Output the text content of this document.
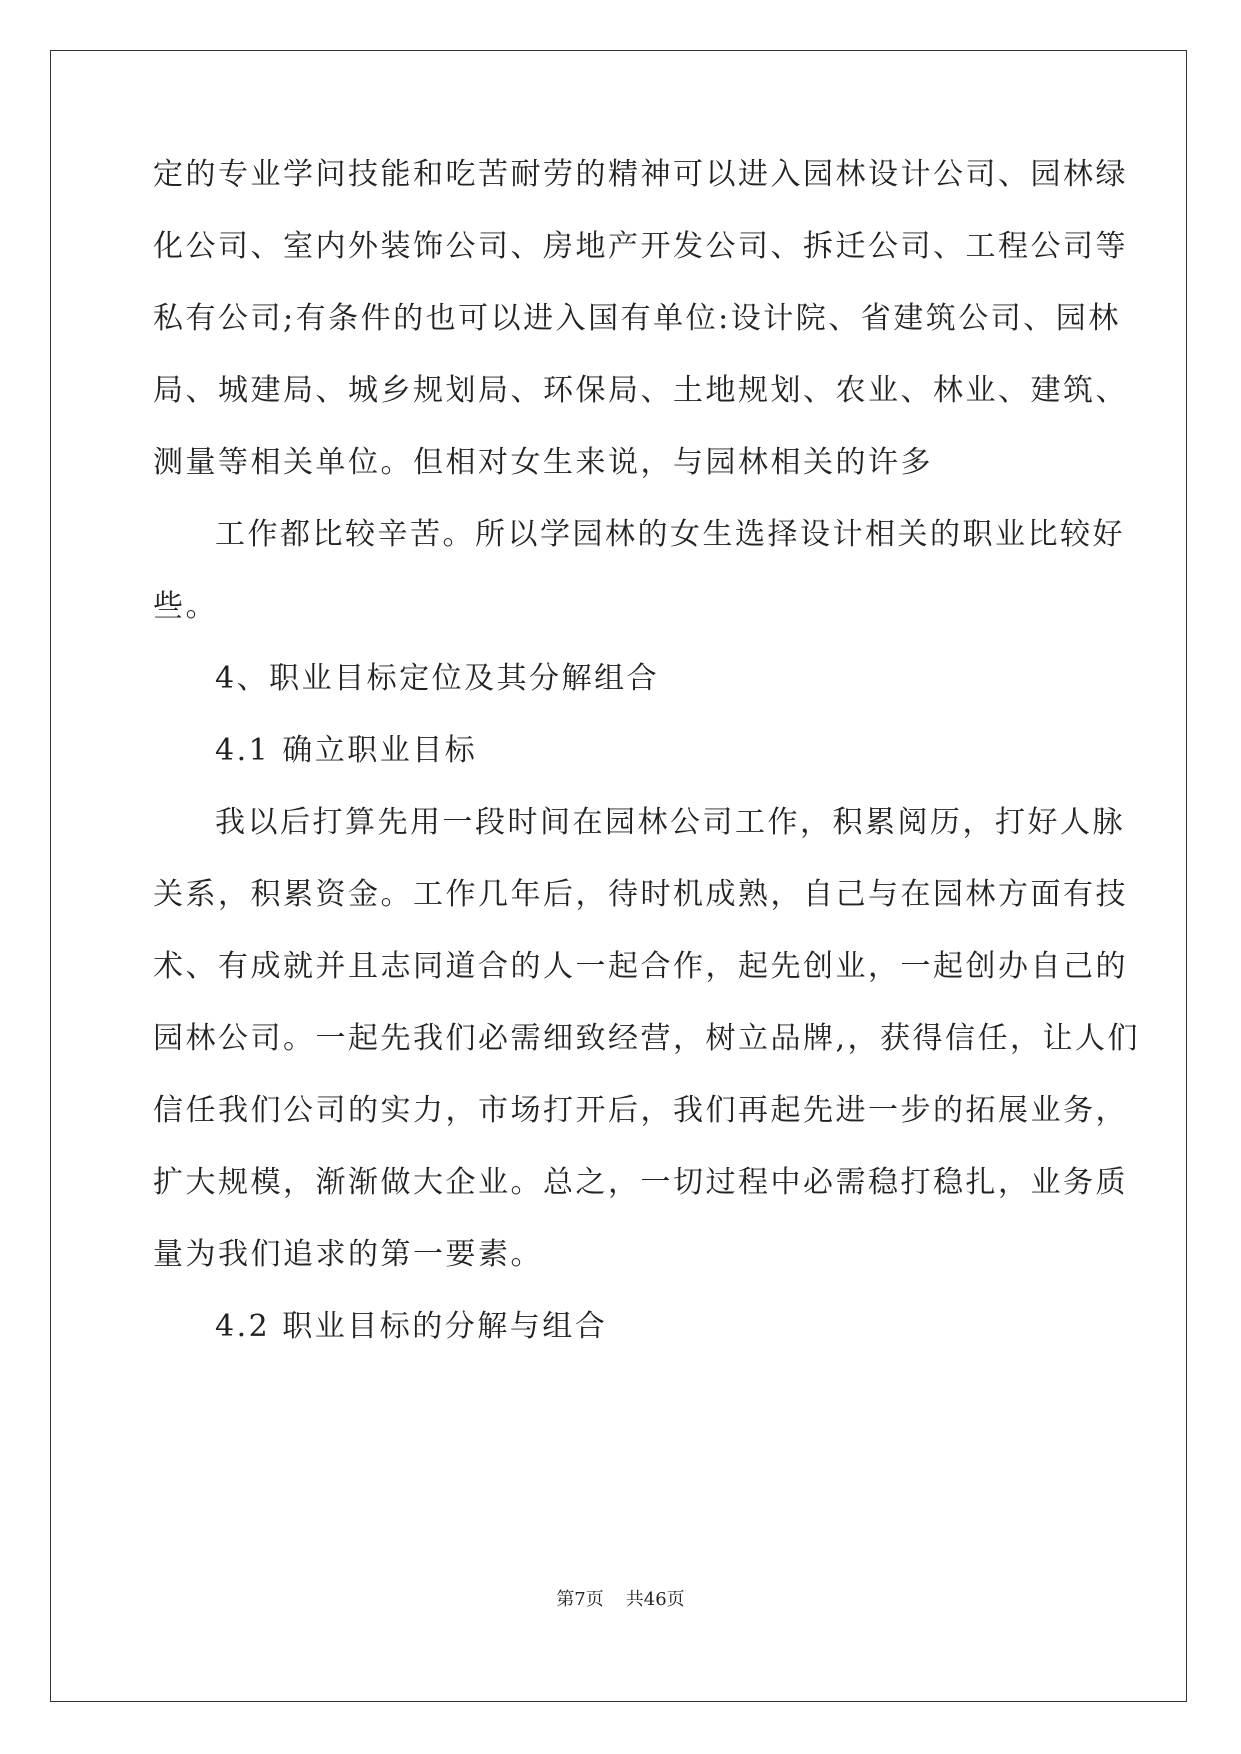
定的专业学问技能和吃苦耐劳的精神可以进入园林设计公司、园林绿
化公司、室内外装饰公司、房地产开发公司、拆迁公司、工程公司等
私有公司;有条件的也可以进入国有单位:设计院、省建筑公司、园林
局、城建局、城乡规划局、环保局、土地规划、农业、林业、建筑、
测量等相关单位。但相对女生来说，与园林相关的许多
工作都比较辛苦。所以学园林的女生选择设计相关的职业比较好
些。
4、职业目标定位及其分解组合
4.1 确立职业目标
我以后打算先用一段时间在园林公司工作，积累阅历，打好人脉
关系，积累资金。工作几年后，待时机成熟，自己与在园林方面有技
术、有成就并且志同道合的人一起合作，起先创业，一起创办自己的
园林公司。一起先我们必需细致经营，树立品牌,，获得信任，让人们
信任我们公司的实力，市场打开后，我们再起先进一步的拓展业务，
扩大规模，渐渐做大企业。总之，一切过程中必需稳打稳扎，业务质
量为我们追求的第一要素。
4.2 职业目标的分解与组合
第7页 共46页
